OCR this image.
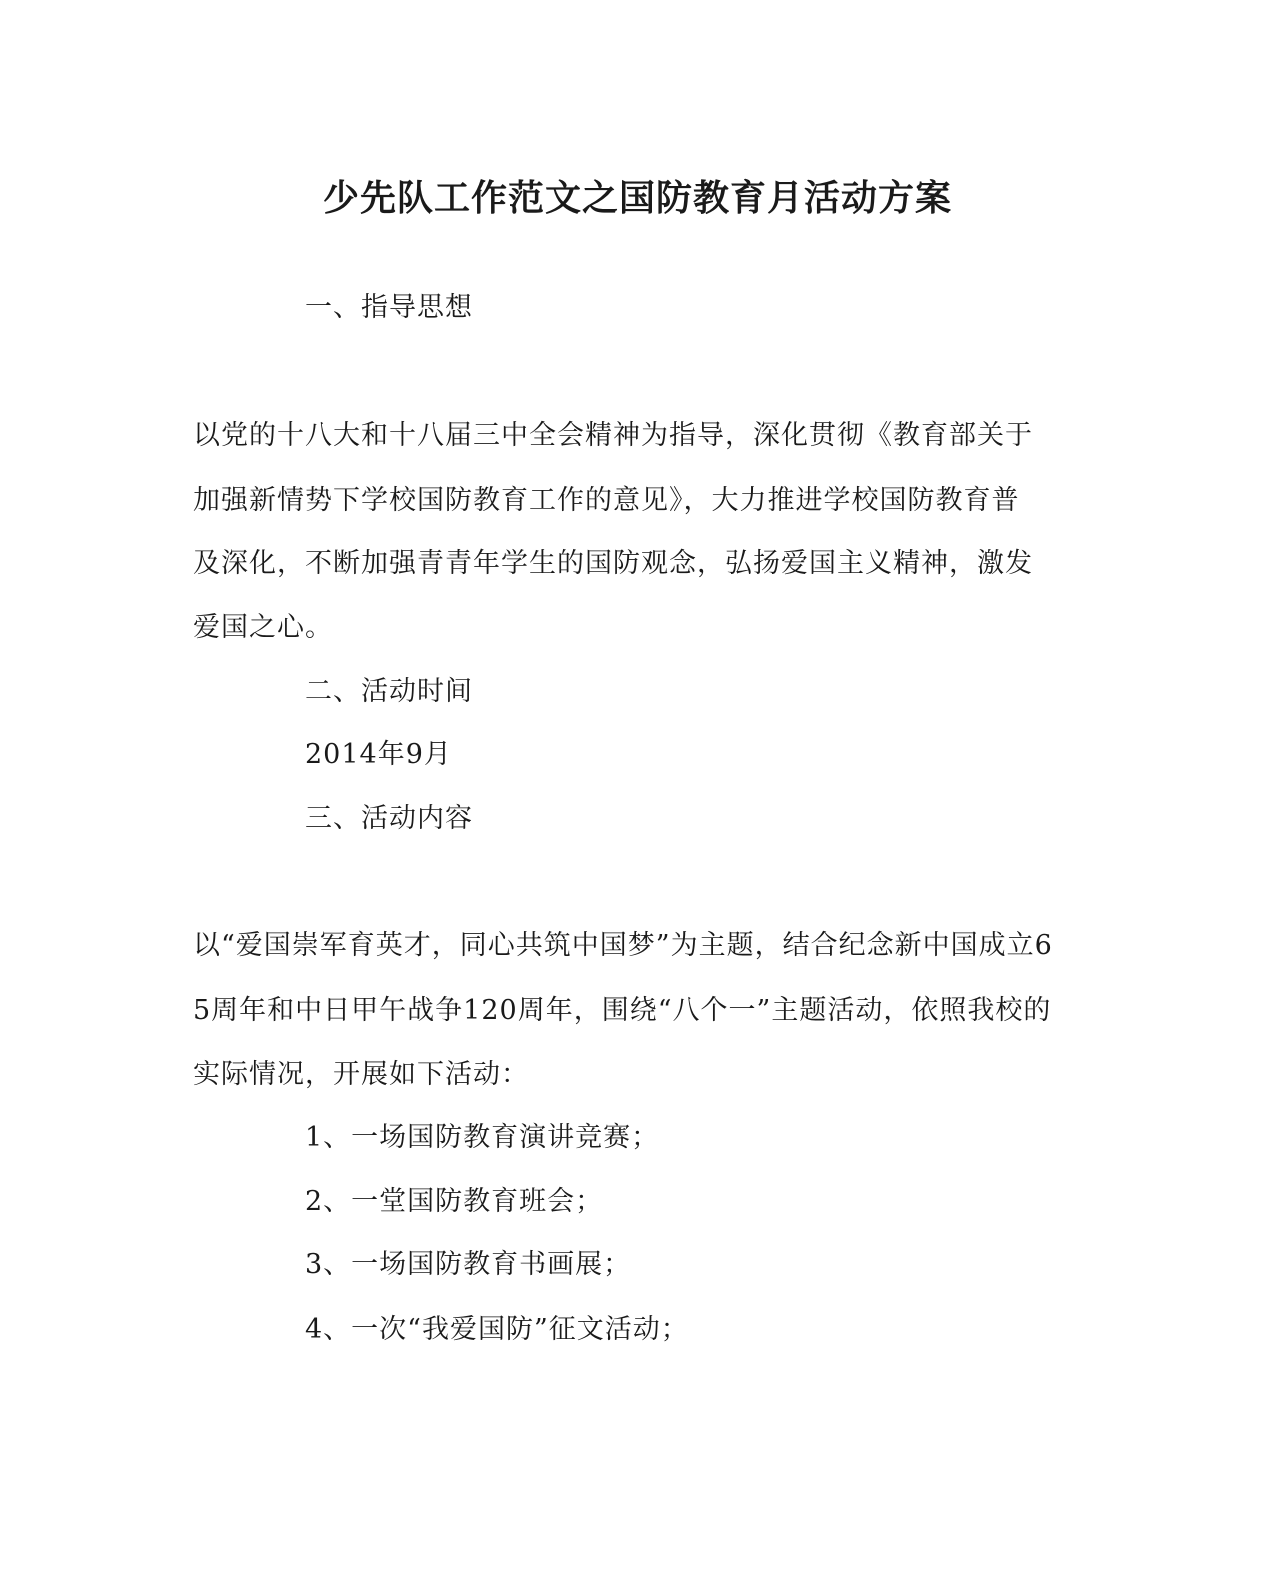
少先队工作范文之国防教育月活动方案

一、指导思想

以党的十八大和十八届三中全会精神为指导，深化贯彻《教育部关于

加强新情势下学校国防教育工作的意见》，大力推进学校国防教育普

及深化，不断加强青青年学生的国防观念，弘扬爱国主义精神，激发

爱国之心。

二、活动时间

2014年9月

三、活动内容

以“爱国崇军育英才，同心共筑中国梦”为主题，结合纪念新中国成立6

5周年和中日甲午战争120周年，围绕“八个一”主题活动，依照我校的

实际情况，开展如下活动：

1、一场国防教育演讲竞赛；

2、一堂国防教育班会；

3、一场国防教育书画展；

4、一次“我爱国防”征文活动；
